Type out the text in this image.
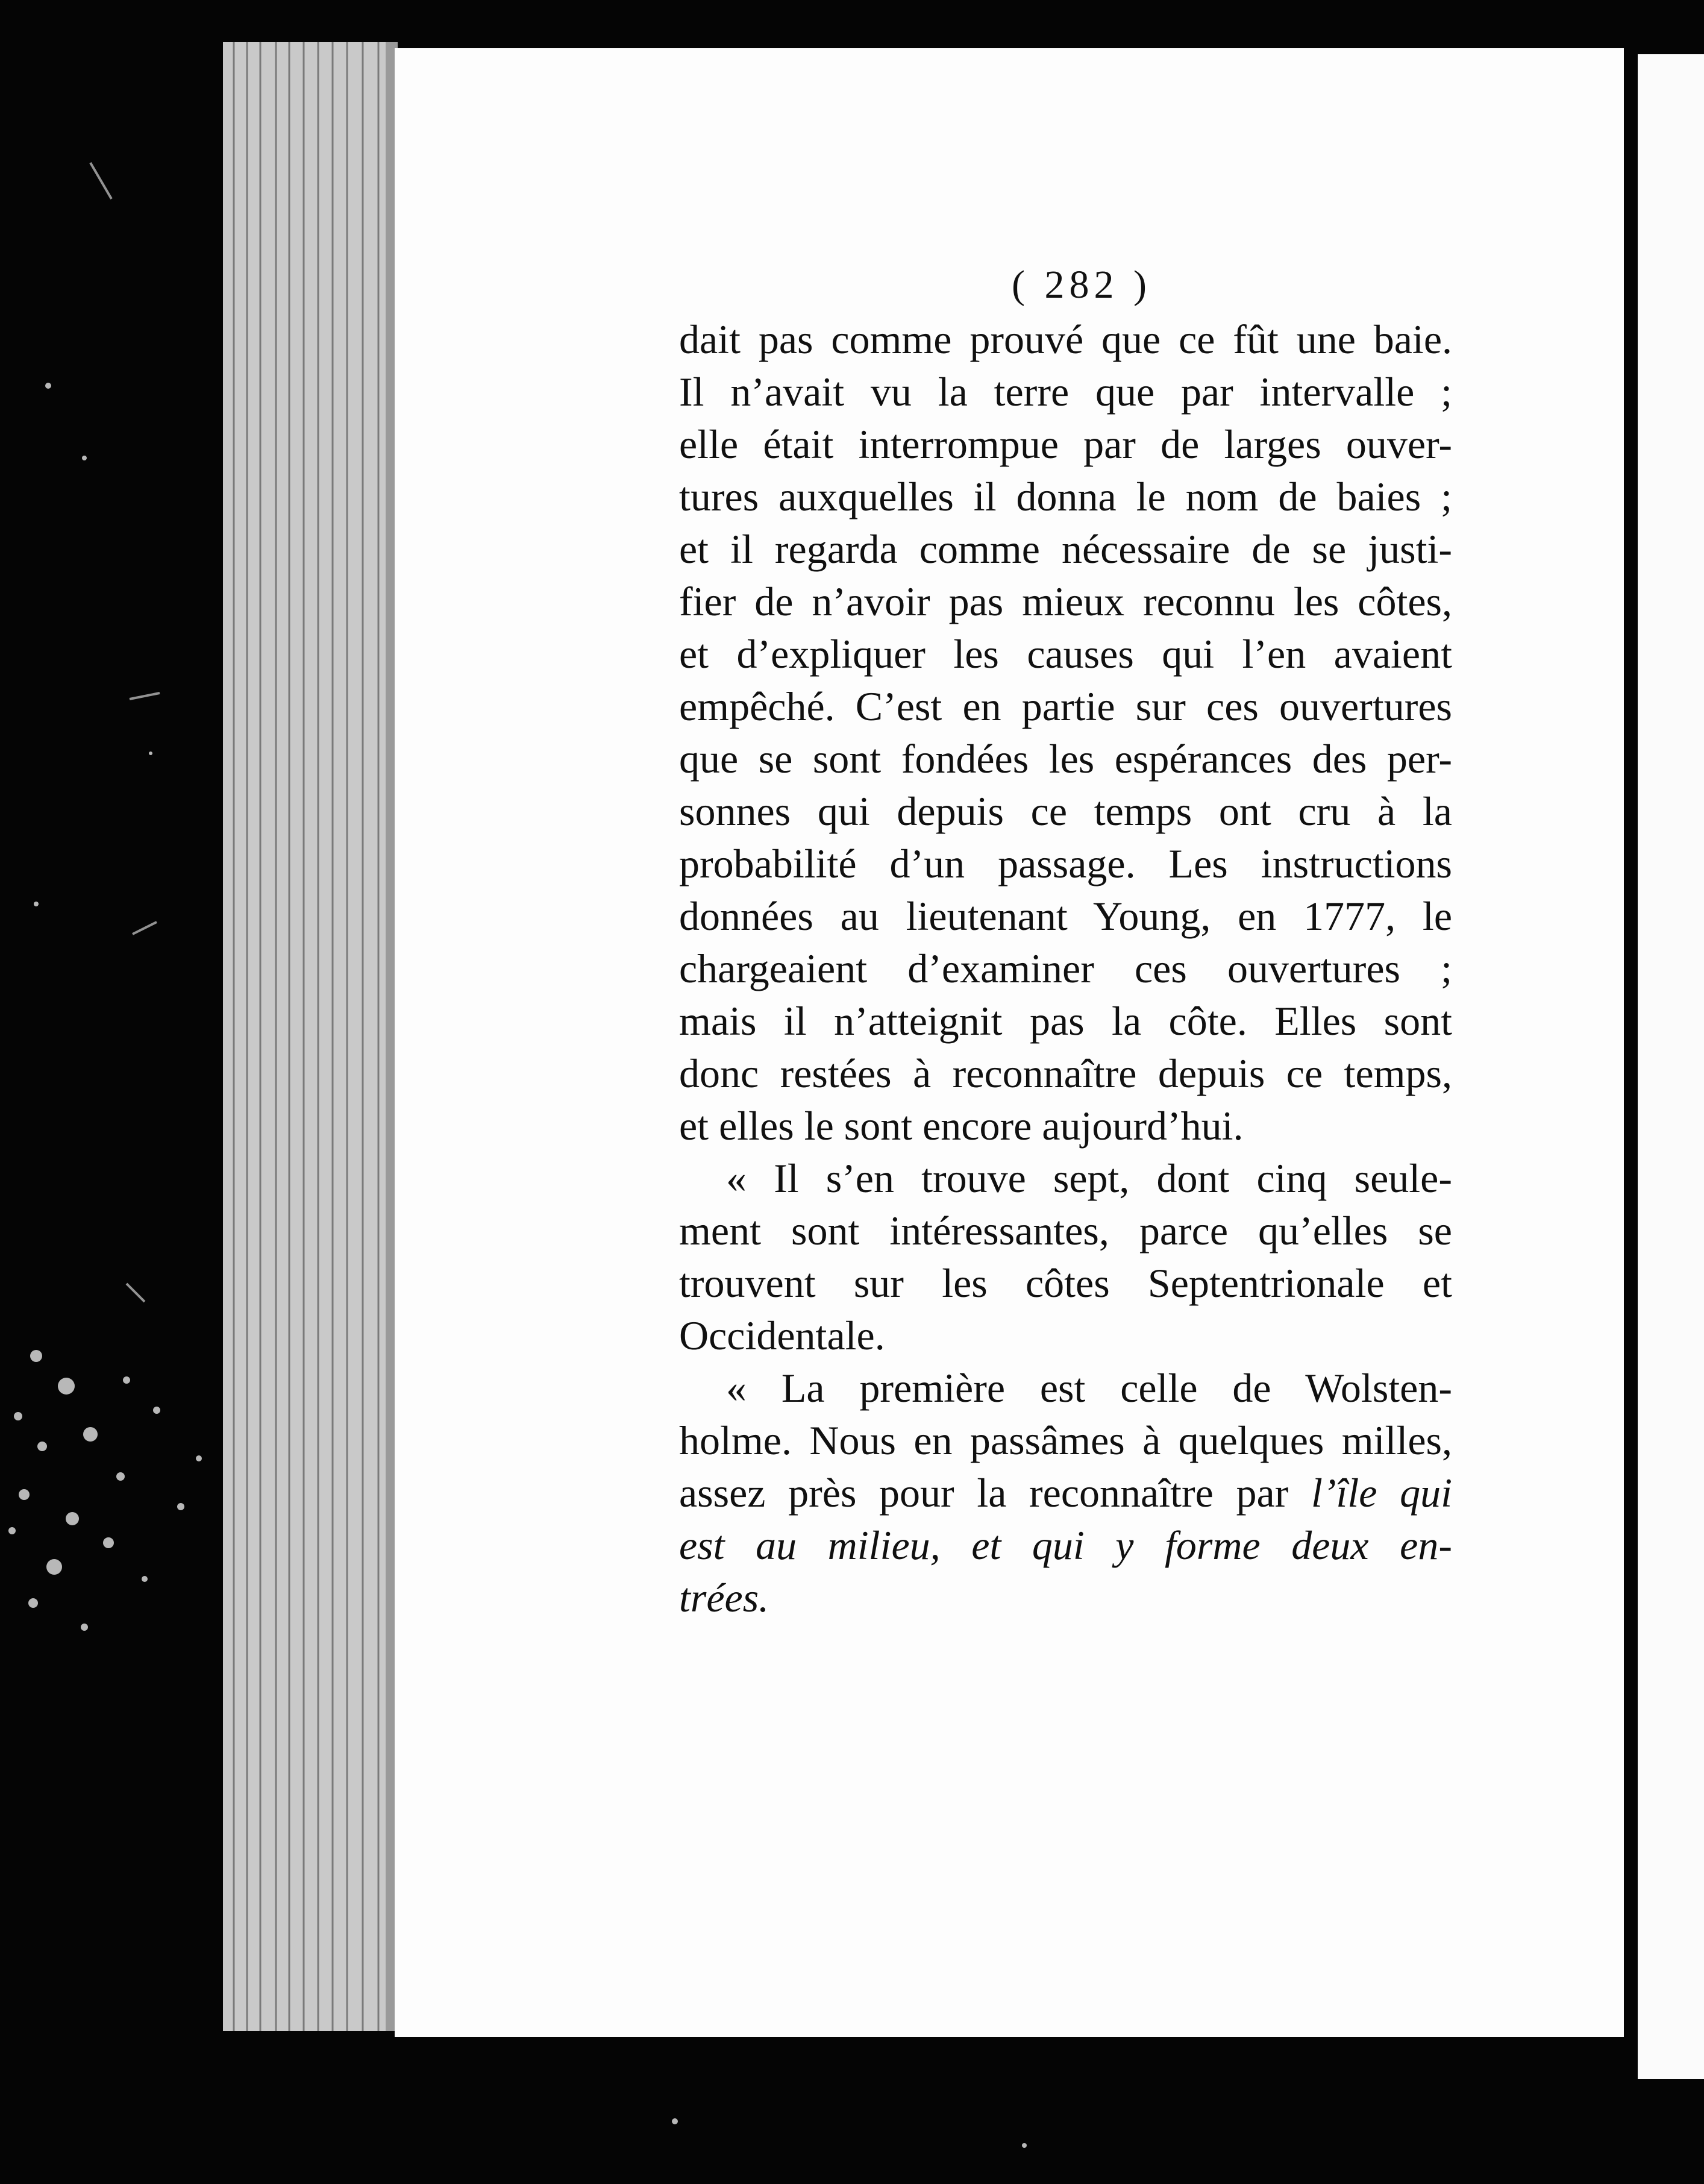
( 282 )
dait pas comme prouvé que ce fût une baie.
Il n’avait vu la terre que par intervalle ;
elle était interrompue par de larges ouver-
tures auxquelles il donna le nom de baies ;
et il regarda comme nécessaire de se justi-
fier de n’avoir pas mieux reconnu les côtes,
et d’expliquer les causes qui l’en avaient
empêché. C’est en partie sur ces ouvertures
que se sont fondées les espérances des per-
sonnes qui depuis ce temps ont cru à la
probabilité d’un passage. Les instructions
données au lieutenant Young, en 1777, le
chargeaient d’examiner ces ouvertures ;
mais il n’atteignit pas la côte. Elles sont
donc restées à reconnaître depuis ce temps,
et elles le sont encore aujourd’hui.
« Il s’en trouve sept, dont cinq seule-
ment sont intéressantes, parce qu’elles se
trouvent sur les côtes Septentrionale et
Occidentale.
« La première est celle de Wolsten-
holme. Nous en passâmes à quelques milles,
assez près pour la reconnaître par l’île qui
est au milieu, et qui y forme deux en-
trées.
